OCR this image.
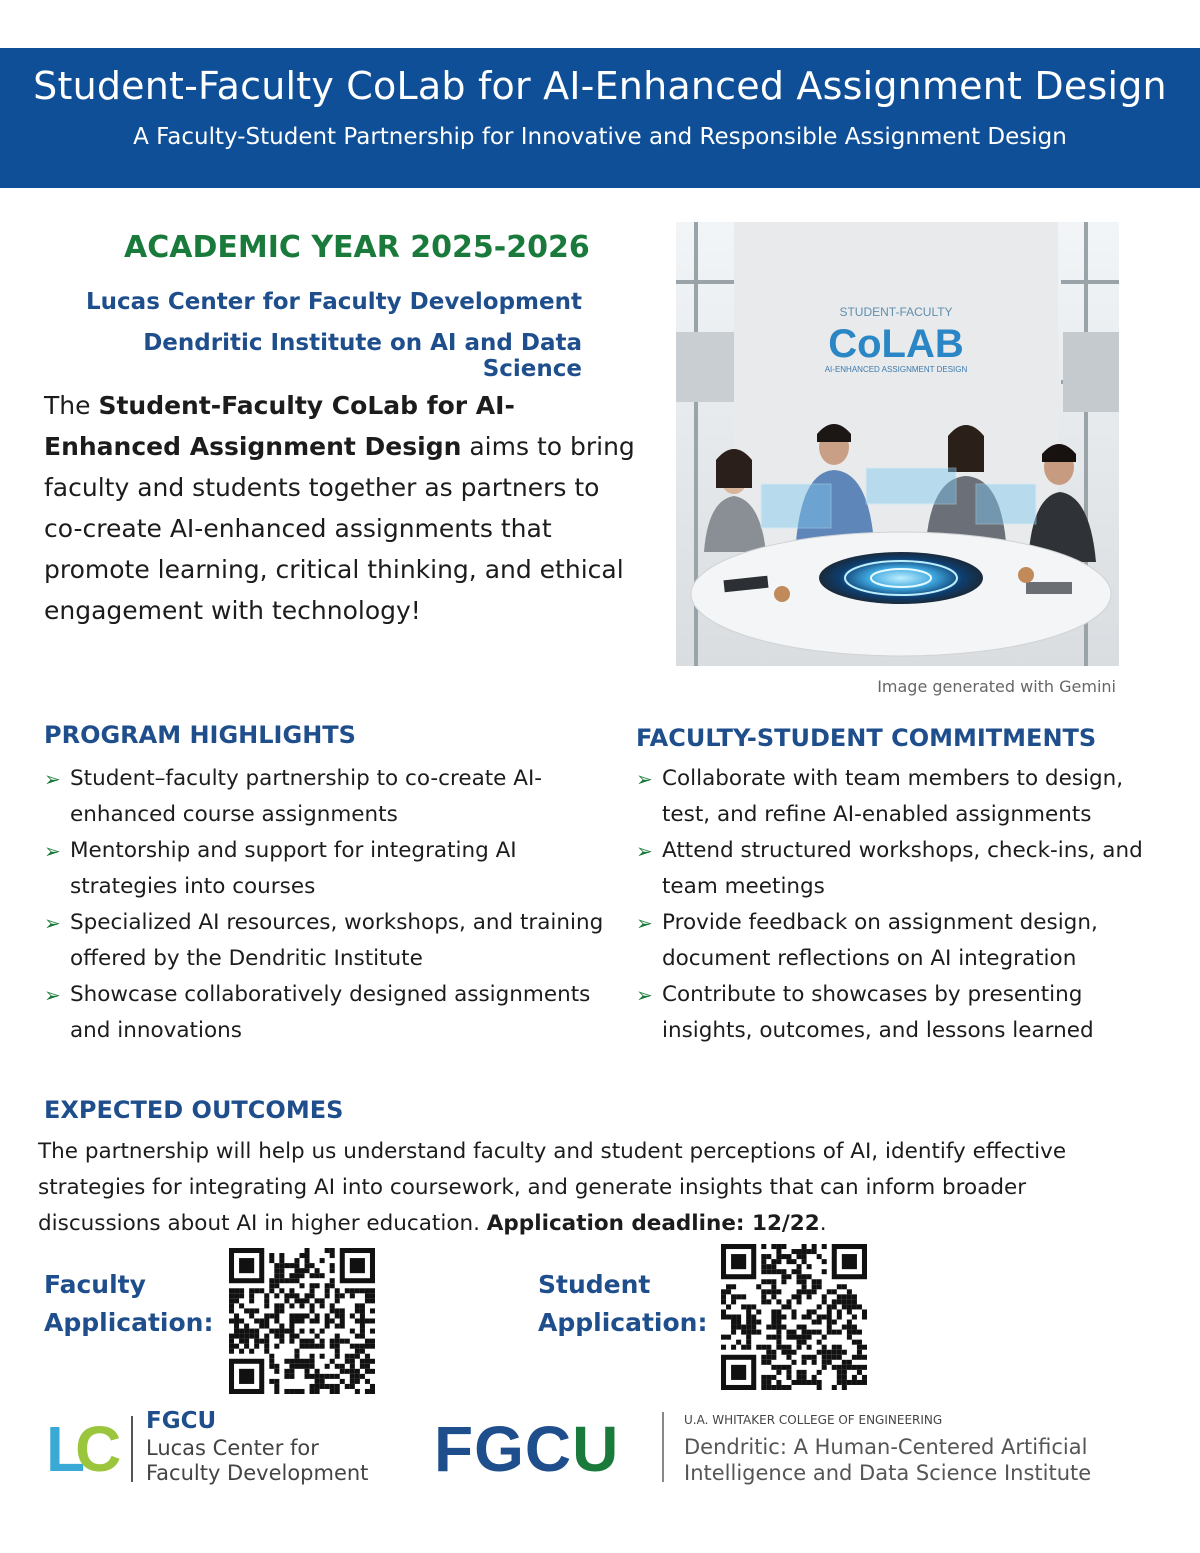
Student-Faculty CoLab for AI-Enhanced Assignment Design
A Faculty-Student Partnership for Innovative and Responsible Assignment Design
ACADEMIC YEAR 2025-2026
Lucas Center for Faculty Development
Dendritic Institute on AI and Data Science
The Student-Faculty CoLab for AI-Enhanced Assignment Design aims to bring faculty and students together as partners to co-create AI-enhanced assignments that promote learning, critical thinking, and ethical engagement with technology!
STUDENT-FACULTY
CoLAB
AI-ENHANCED ASSIGNMENT DESIGN
Image generated with Gemini
PROGRAM HIGHLIGHTS
➢ Student–faculty partnership to co-create AI-enhanced course assignments
➢ Mentorship and support for integrating AI strategies into courses
➢ Specialized AI resources, workshops, and training offered by the Dendritic Institute
➢ Showcase collaboratively designed assignments and innovations
FACULTY-STUDENT COMMITMENTS
➢ Collaborate with team members to design, test, and refine AI-enabled assignments
➢ Attend structured workshops, check-ins, and team meetings
➢ Provide feedback on assignment design, document reflections on AI integration
➢ Contribute to showcases by presenting insights, outcomes, and lessons learned
EXPECTED OUTCOMES
The partnership will help us understand faculty and student perceptions of AI, identify effective strategies for integrating AI into coursework, and generate insights that can inform broader discussions about AI in higher education. Application deadline: 12/22.
Faculty
Application:
Student
Application:
LC FGCU
Lucas Center for
Faculty Development FGCU	U.A. WHITAKER COLLEGE OF ENGINEERING
Dendritic: A Human-Centered Artificial
Intelligence and Data Science Institute
